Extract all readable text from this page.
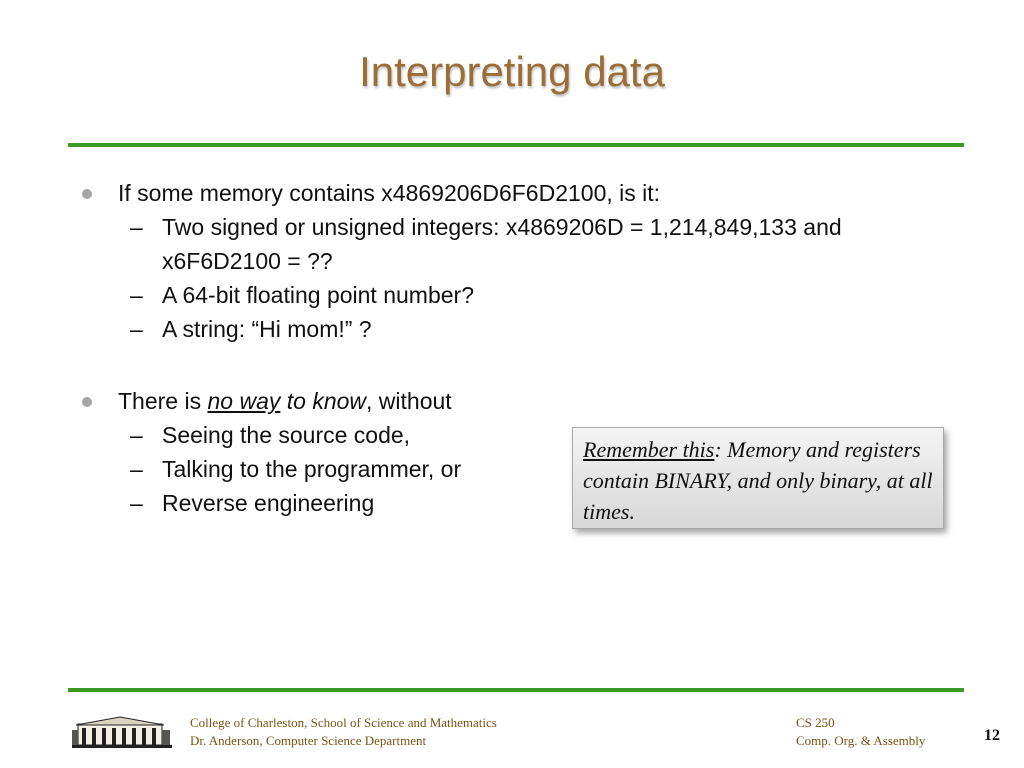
Interpreting data
If some memory contains x4869206D6F6D2100, is it:
– Two signed or unsigned integers: x4869206D = 1,214,849,133 and x6F6D2100 = ??
– A 64-bit floating point number?
– A string: “Hi mom!” ?
There is no way to know, without
– Seeing the source code,
– Talking to the programmer, or
– Reverse engineering
Remember this: Memory and registers contain BINARY, and only binary, at all times.
College of Charleston, School of Science and Mathematics
Dr. Anderson, Computer Science Department
CS 250
Comp. Org. & Assembly	12
